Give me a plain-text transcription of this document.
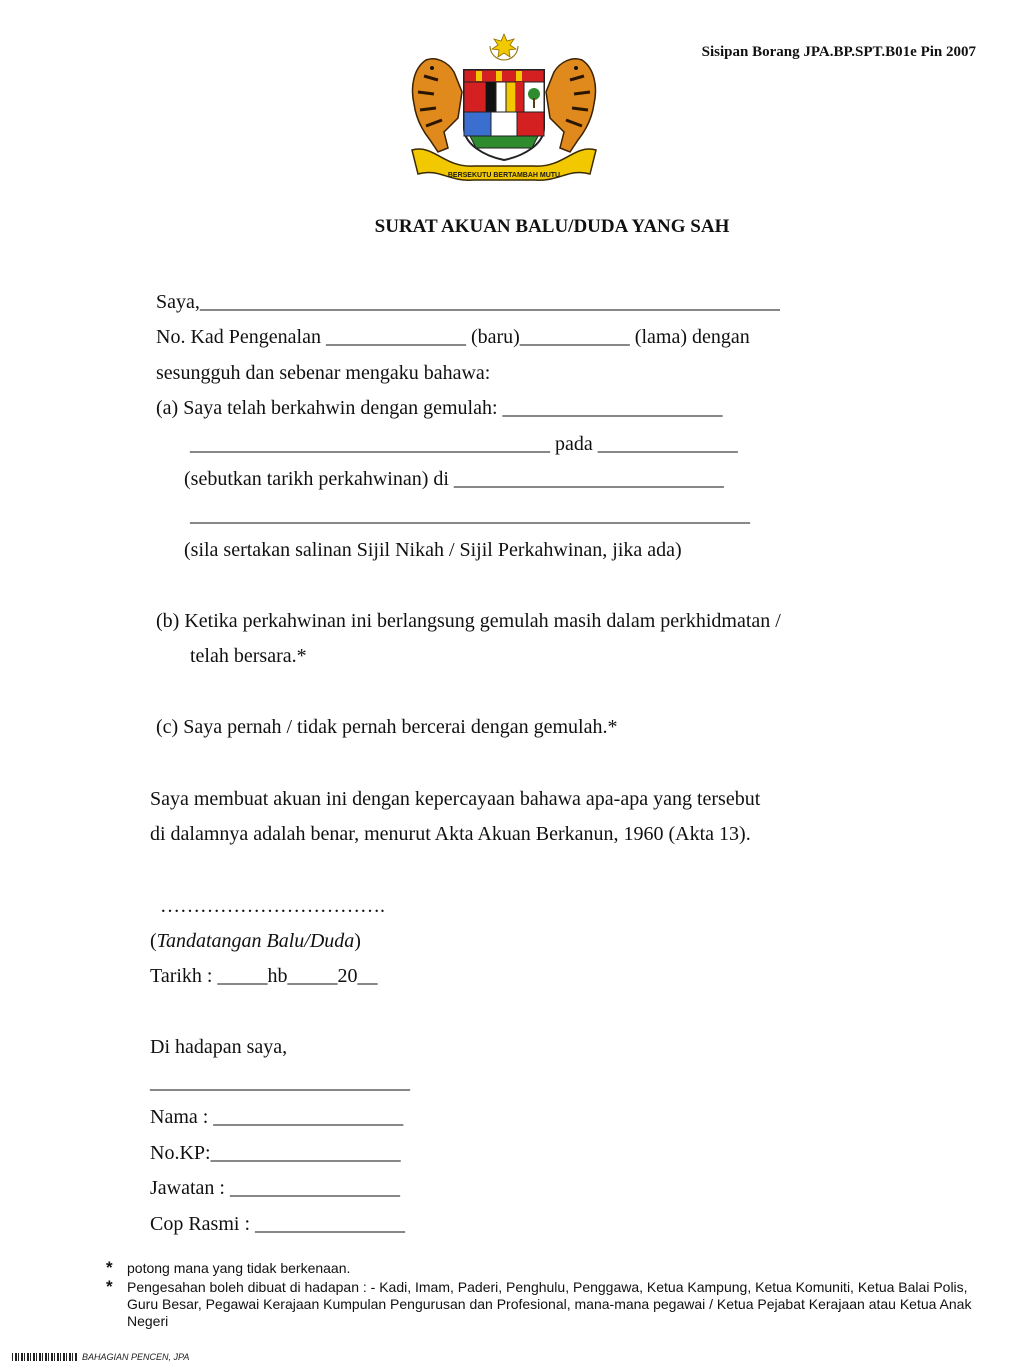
Sisipan Borang JPA.BP.SPT.B01e Pin 2007
BERSEKUTU BERTAMBAH MUTU
SURAT AKUAN BALU/DUDA YANG SAH
Saya,__________________________________________________________
No. Kad Pengenalan ______________ (baru)___________ (lama) dengan
sesungguh dan sebenar mengaku bahawa:
(a) Saya telah berkahwin dengan gemulah: ______________________
____________________________________ pada ______________
(sebutkan tarikh perkahwinan) di ___________________________
________________________________________________________
(sila sertakan salinan Sijil Nikah / Sijil Perkahwinan, jika ada)
(b) Ketika perkahwinan ini berlangsung gemulah masih dalam perkhidmatan /
telah bersara.*
(c) Saya pernah / tidak pernah bercerai dengan gemulah.*
Saya membuat akuan ini dengan kepercayaan bahawa apa-apa yang tersebut
di dalamnya adalah benar, menurut Akta Akuan Berkanun, 1960 (Akta 13).
…………………………….
(Tandatangan Balu/Duda)
Tarikh : _____hb_____20__
Di hadapan saya,
__________________________
Nama : ___________________
No.KP:___________________
Jawatan : _________________
Cop Rasmi : _______________
* potong mana yang tidak berkenaan.
* Pengesahan boleh dibuat di hadapan : - Kadi, Imam, Paderi, Penghulu, Penggawa, Ketua Kampung, Ketua Komuniti, Ketua Balai Polis, Guru Besar, Pegawai Kerajaan Kumpulan Pengurusan dan Profesional, mana-mana pegawai / Ketua Pejabat Kerajaan atau Ketua Anak Negeri
BAHAGIAN PENCEN, JPA
